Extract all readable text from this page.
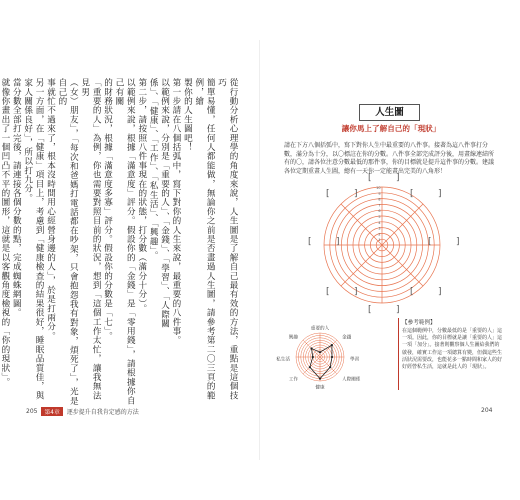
從行動分析心理學的角度來說，人生圖是了解自己最有效的方法，重點是這個技巧

簡單易懂，任何人都能做，無論你之前是否畫過人生圖，請參考第二〇三頁的範例，繪

製你的人生圖吧！

第一步請在八個括弧中，寫下對你的人生來說，最重要的八件事。

以範例來說，分別是「重要的人」、「金錢」、「學習」、「人際關

係」、「健康」、「工作」、「私生活」、「興趣」。

第二步，請按照八件事現在的狀態，打分數（滿分十分）。

以範例來說，根據「滿意度」評分。假設你的「金錢」是「零用錢」，請根據你自己有關

的財務狀況，根據「滿意度多寡」評分。假設你的分數是「七」。

「重要的人」為例，你也需要對照目前的狀況，想到「這個工作太忙，讓我無法見男

（女）朋友」，「每次和爸媽打電話都在吵架，只會抱怨我有對象，煩死了」，光是自己的

事就忙不過來了，根本沒時間用心經營身邊的人」，於是打兩分。

另一方面，在「健康」項目上，考慮到「健康檢查的結果很好，睡眠品質佳，與

家人關係良好」，所以打九分。

當分數全部打完後，請連接各個分數的點，完成蜘蛛網圖。

就像你畫出了一個凹凸不平的圖形，這就是以客觀角度檢視的「你的現狀」。

205	第4章	逐步提升自我肯定感的方法
人生圖
讓你馬上了解自己的「現狀」
請在下方八個括弧中，寫下對你人生中最重要的八件事。接著為這八件事打分數，滿分為十分，以〇標註在你的分數。八件事全部完成評分後，用畫線連結所有的〇，請各位注意分數最低的那件事，你的目標就是提升這件事的分數。建議各位定期重畫人生圖，總有一天你一定能畫出完美的八角形！
10
9
8
7
6
5
4
3
2
1
[	]
[	]
[	]
[	]
[	]
[	]
[	]
[	]
重要的人
金錢
學習
人際關係
健康
工作
私生活
興趣
【參考範例】
在這個範例中，分數最低的是「重要的人」這一項。因此，你的目標就是讓「重要的人」這一項「加分」。接著則觀察個人生圖給我們的啟發，確實工作這一項總算有變，但偶這些生活狀況需要改，也能花多一點時間和家人的好好經營私生活，這就是此人的「現狀」。
204
